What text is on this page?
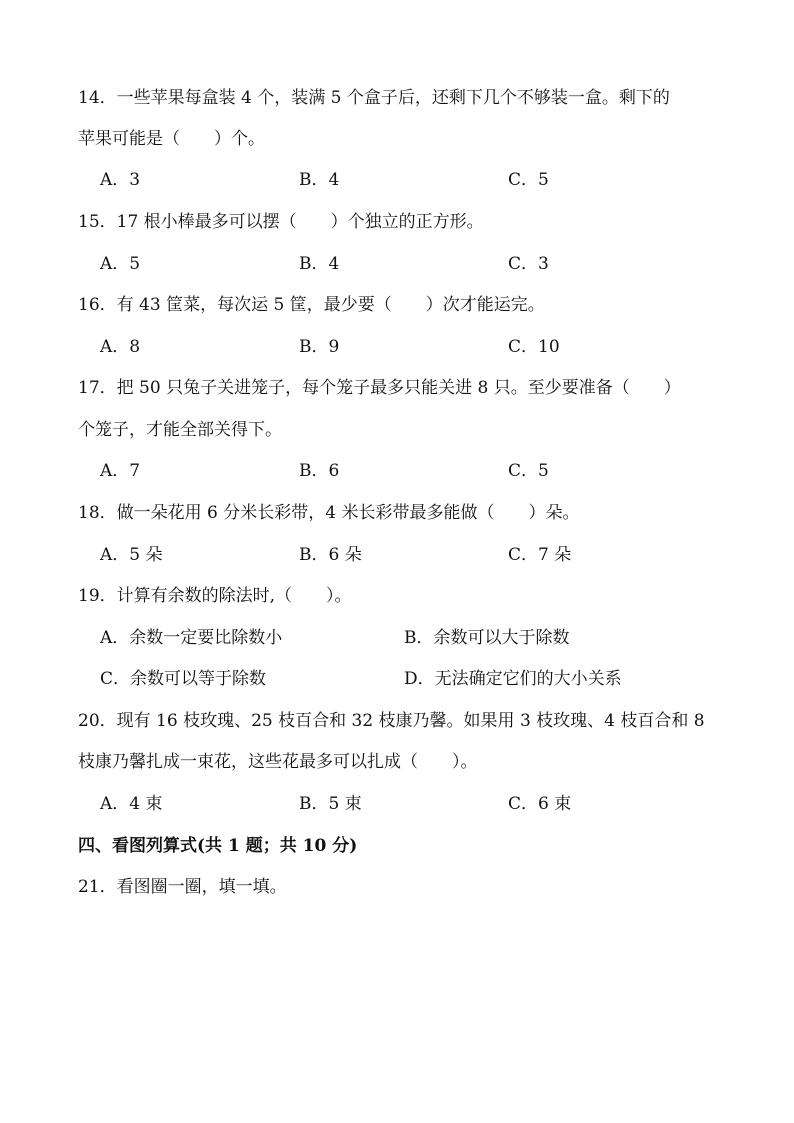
14．一些苹果每盒装 4 个，装满 5 个盒子后，还剩下几个不够装一盒。剩下的
苹果可能是（　　）个。
A．3	B．4	C．5
15．17 根小棒最多可以摆（　　）个独立的正方形。
A．5	B．4	C．3
16．有 43 筐菜，每次运 5 筐，最少要（　　）次才能运完。
A．8	B．9	C．10
17．把 50 只兔子关进笼子，每个笼子最多只能关进 8 只。至少要准备（　　）
个笼子，才能全部关得下。
A．7	B．6	C．5
18．做一朵花用 6 分米长彩带，4 米长彩带最多能做（　　）朵。
A．5 朵	B．6 朵	C．7 朵
19．计算有余数的除法时,（　　）。
A．余数一定要比除数小	B．余数可以大于除数
C．余数可以等于除数	D．无法确定它们的大小关系
20．现有 16 枝玫瑰、25 枝百合和 32 枝康乃馨。如果用 3 枝玫瑰、4 枝百合和 8
枝康乃馨扎成一束花，这些花最多可以扎成（　　）。
A．4 束	B．5 束	C．6 束
四、看图列算式(共 1 题；共 10 分)
21．看图圈一圈，填一填。
